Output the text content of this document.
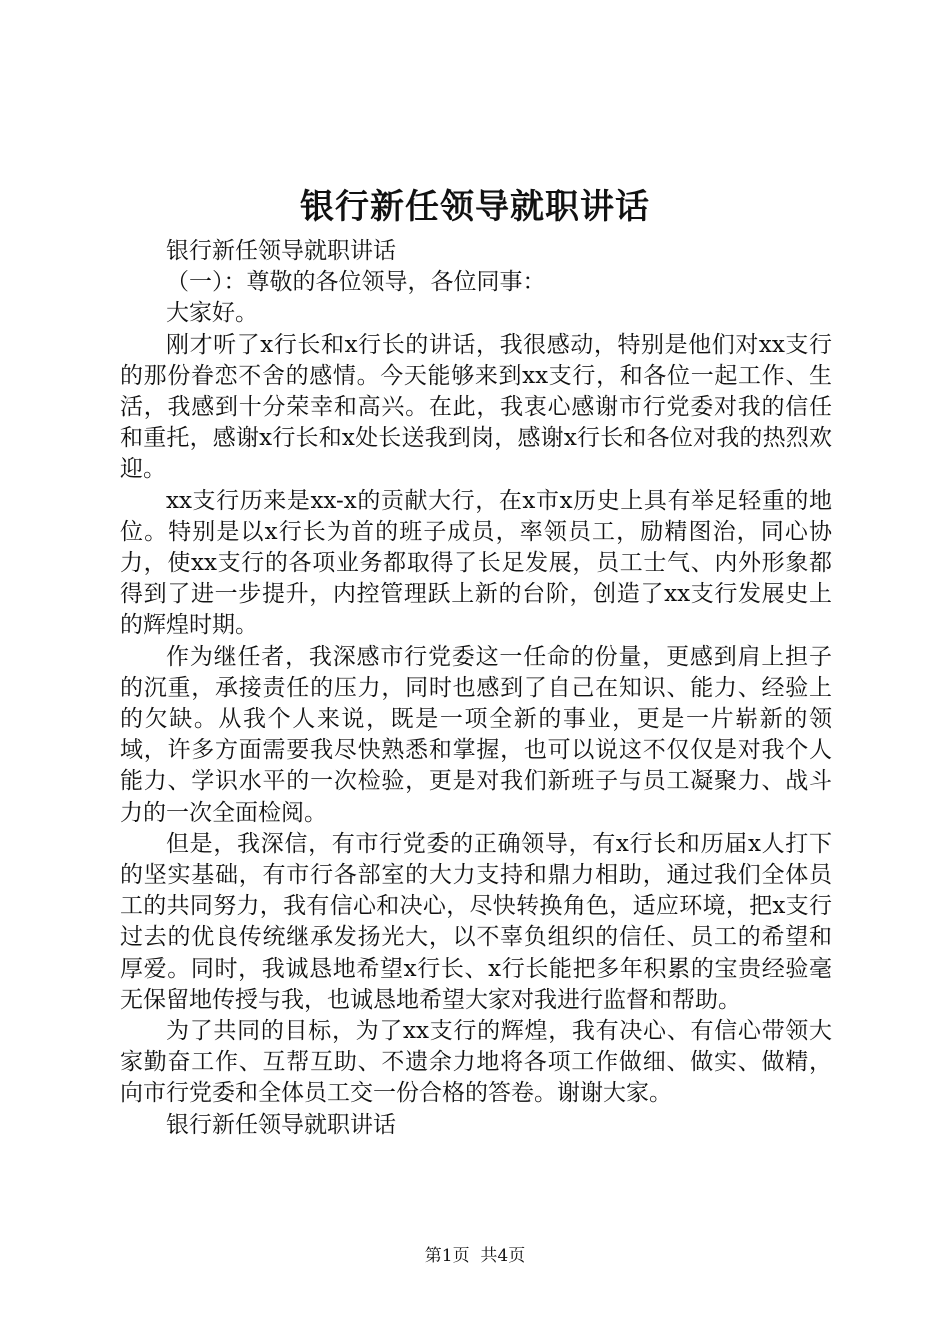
银行新任领导就职讲话

银行新任领导就职讲话

（一）：尊敬的各位领导，各位同事：

大家好。

刚才听了x行长和x行长的讲话，我很感动，特别是他们对xx支行的那份眷恋不舍的感情。今天能够来到xx支行，和各位一起工作、生活，我感到十分荣幸和高兴。在此，我衷心感谢市行党委对我的信任和重托，感谢x行长和x处长送我到岗，感谢x行长和各位对我的热烈欢迎。

xx支行历来是xx-x的贡献大行，在x市x历史上具有举足轻重的地位。特别是以x行长为首的班子成员，率领员工，励精图治，同心协力，使xx支行的各项业务都取得了长足发展，员工士气、内外形象都得到了进一步提升，内控管理跃上新的台阶，创造了xx支行发展史上的辉煌时期。

作为继任者，我深感市行党委这一任命的份量，更感到肩上担子的沉重，承接责任的压力，同时也感到了自己在知识、能力、经验上的欠缺。从我个人来说，既是一项全新的事业，更是一片崭新的领域，许多方面需要我尽快熟悉和掌握，也可以说这不仅仅是对我个人能力、学识水平的一次检验，更是对我们新班子与员工凝聚力、战斗力的一次全面检阅。

但是，我深信，有市行党委的正确领导，有x行长和历届x人打下的坚实基础，有市行各部室的大力支持和鼎力相助，通过我们全体员工的共同努力，我有信心和决心，尽快转换角色，适应环境，把x支行过去的优良传统继承发扬光大，以不辜负组织的信任、员工的希望和厚爱。同时，我诚恳地希望x行长、x行长能把多年积累的宝贵经验毫无保留地传授与我，也诚恳地希望大家对我进行监督和帮助。

为了共同的目标，为了xx支行的辉煌，我有决心、有信心带领大家勤奋工作、互帮互助、不遗余力地将各项工作做细、做实、做精，向市行党委和全体员工交一份合格的答卷。谢谢大家。

银行新任领导就职讲话

第1页  共4页
